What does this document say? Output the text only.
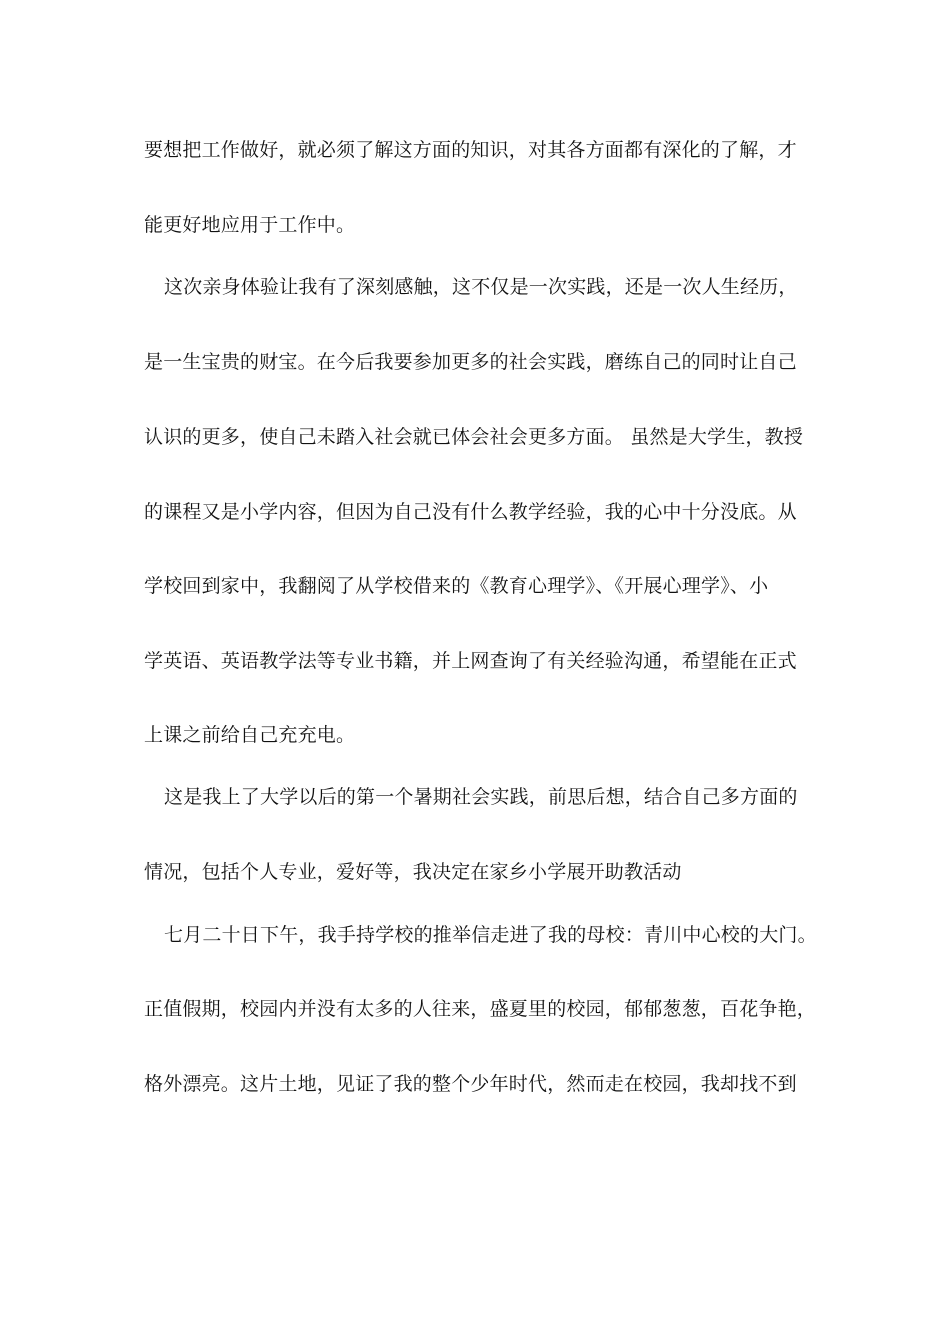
要想把工作做好，就必须了解这方面的知识，对其各方面都有深化的了解，才
能更好地应用于工作中。
这次亲身体验让我有了深刻感触，这不仅是一次实践，还是一次人生经历，
是一生宝贵的财宝。在今后我要参加更多的社会实践，磨练自己的同时让自己
认识的更多，使自己未踏入社会就已体会社会更多方面。 虽然是大学生，教授
的课程又是小学内容，但因为自己没有什么教学经验，我的心中十分没底。从
学校回到家中，我翻阅了从学校借来的《教育心理学》、《开展心理学》、小
学英语、英语教学法等专业书籍，并上网查询了有关经验沟通，希望能在正式
上课之前给自己充充电。
这是我上了大学以后的第一个暑期社会实践，前思后想，结合自己多方面的
情况，包括个人专业，爱好等，我决定在家乡小学展开助教活动
七月二十日下午，我手持学校的推举信走进了我的母校：青川中心校的大门。
正值假期，校园内并没有太多的人往来，盛夏里的校园，郁郁葱葱，百花争艳，
格外漂亮。这片土地，见证了我的整个少年时代，然而走在校园，我却找不到
